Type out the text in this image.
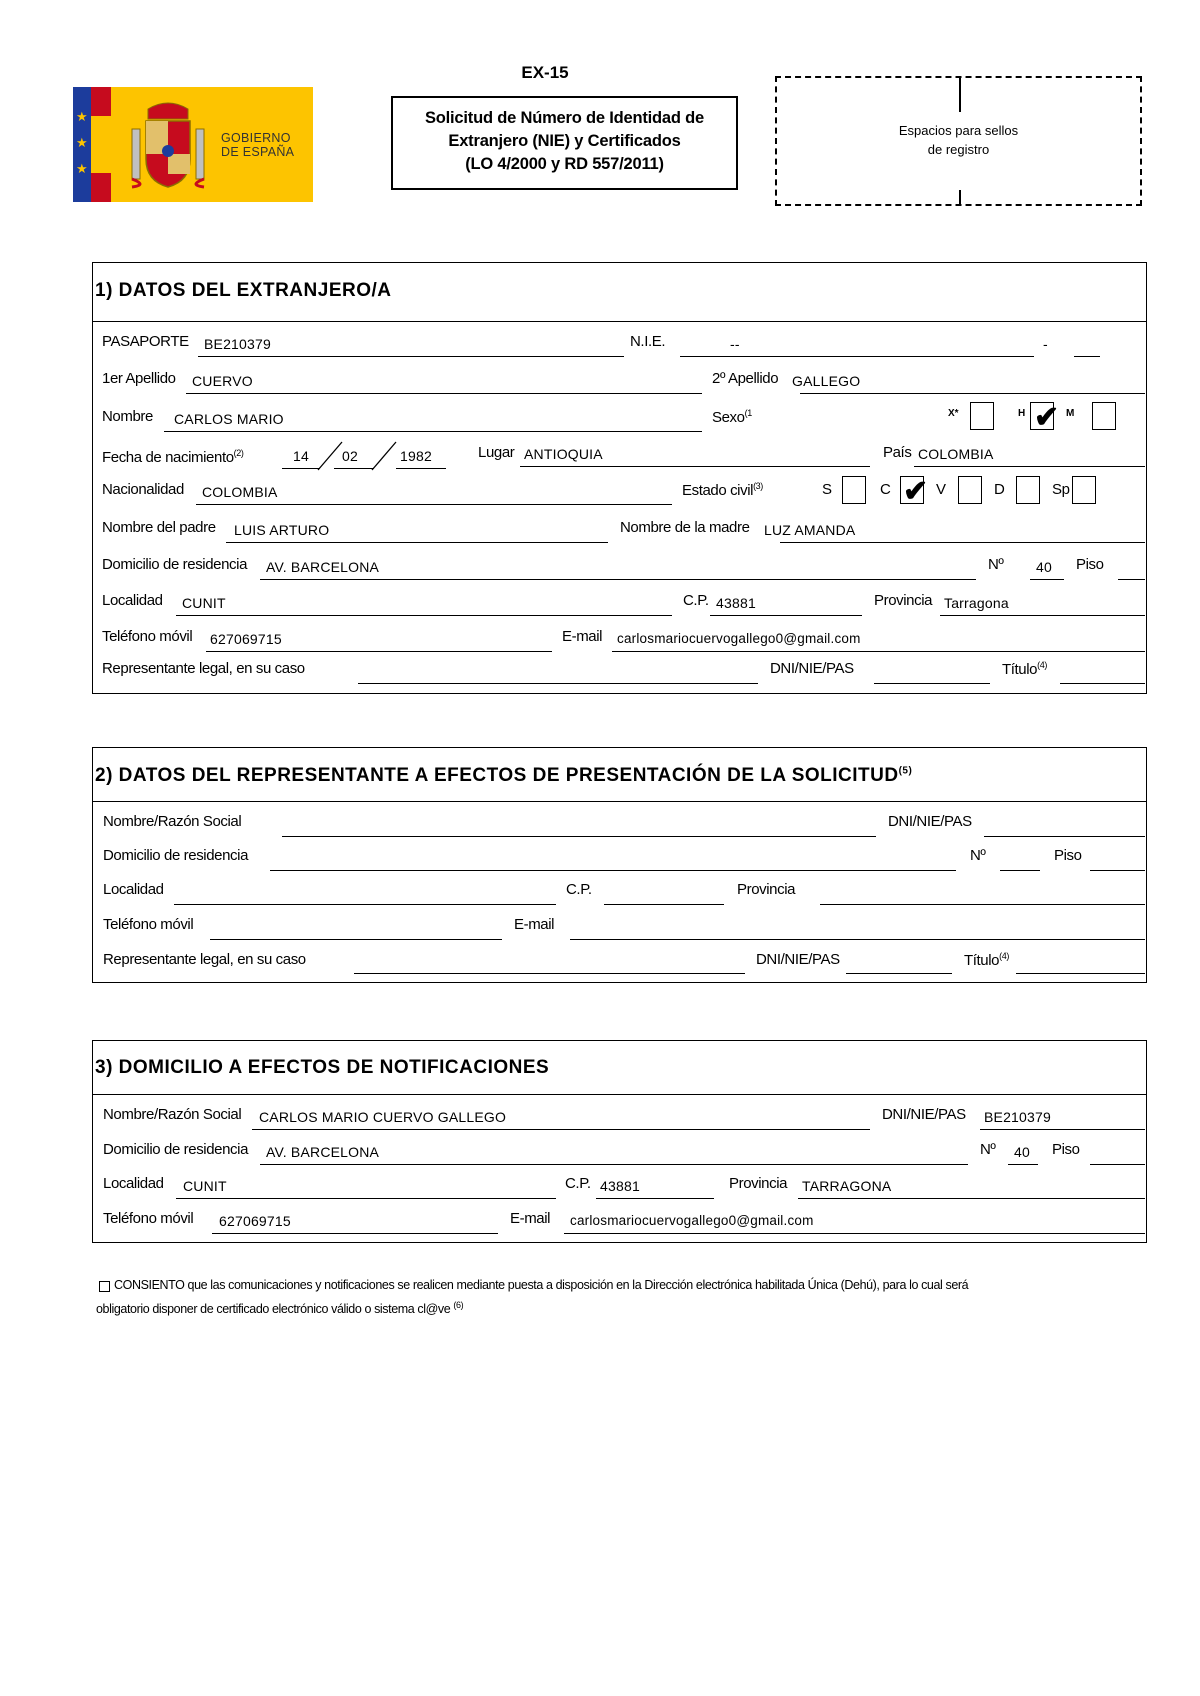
★
★
★
GOBIERNO
DE ESPAÑA
EX-15
Solicitud de Número de Identidad de
Extranjero (NIE) y Certificados
(LO 4/2000 y RD 557/2011)
Espacios para sellos
de registro
1) DATOS DEL EXTRANJERO/A
PASAPORTE BE210379	N.I.E.	--	-
1er Apellido CUERVO	2º Apellido GALLEGO
Nombre CARLOS MARIO	Sexo$^{(1}$	X*	H ✔ M
Fecha de nacimiento$^{(2)}$	14 02	1982	Lugar ANTIOQUIA	País COLOMBIA
Nacionalidad COLOMBIA	Estado civil$^{(3)}$	S	C ✔ V	D	Sp
Nombre del padre LUIS ARTURO	Nombre de la madre LUZ AMANDA
Domicilio de residencia AV. BARCELONA	Nº 40 Piso
Localidad CUNIT	C.P. 43881	Provincia Tarragona
Teléfono móvil 627069715	E-mail carlosmariocuervogallego0@gmail.com
Representante legal, en su caso	DNI/NIE/PAS	Título$^{(4)}$
2) DATOS DEL REPRESENTANTE A EFECTOS DE PRESENTACIÓN DE LA SOLICITUD$^{(5)}$
Nombre/Razón Social	DNI/NIE/PAS
Domicilio de residencia	Nº	Piso
Localidad	C.P.	Provincia
Teléfono móvil	E-mail
Representante legal, en su caso	DNI/NIE/PAS	Título$^{(4)}$
3) DOMICILIO A EFECTOS DE NOTIFICACIONES
Nombre/Razón Social CARLOS MARIO CUERVO GALLEGO	DNI/NIE/PAS BE210379
Domicilio de residencia AV. BARCELONA	Nº 40 Piso
Localidad CUNIT	C.P. 43881	Provincia TARRAGONA
Teléfono móvil 627069715	E-mail carlosmariocuervogallego0@gmail.com
CONSIENTO que las comunicaciones y notificaciones se realicen mediante puesta a disposición en la Dirección electrónica habilitada Única (Dehú), para lo cual será
obligatorio disponer de certificado electrónico válido o sistema cl@ve $^{(6)}$
